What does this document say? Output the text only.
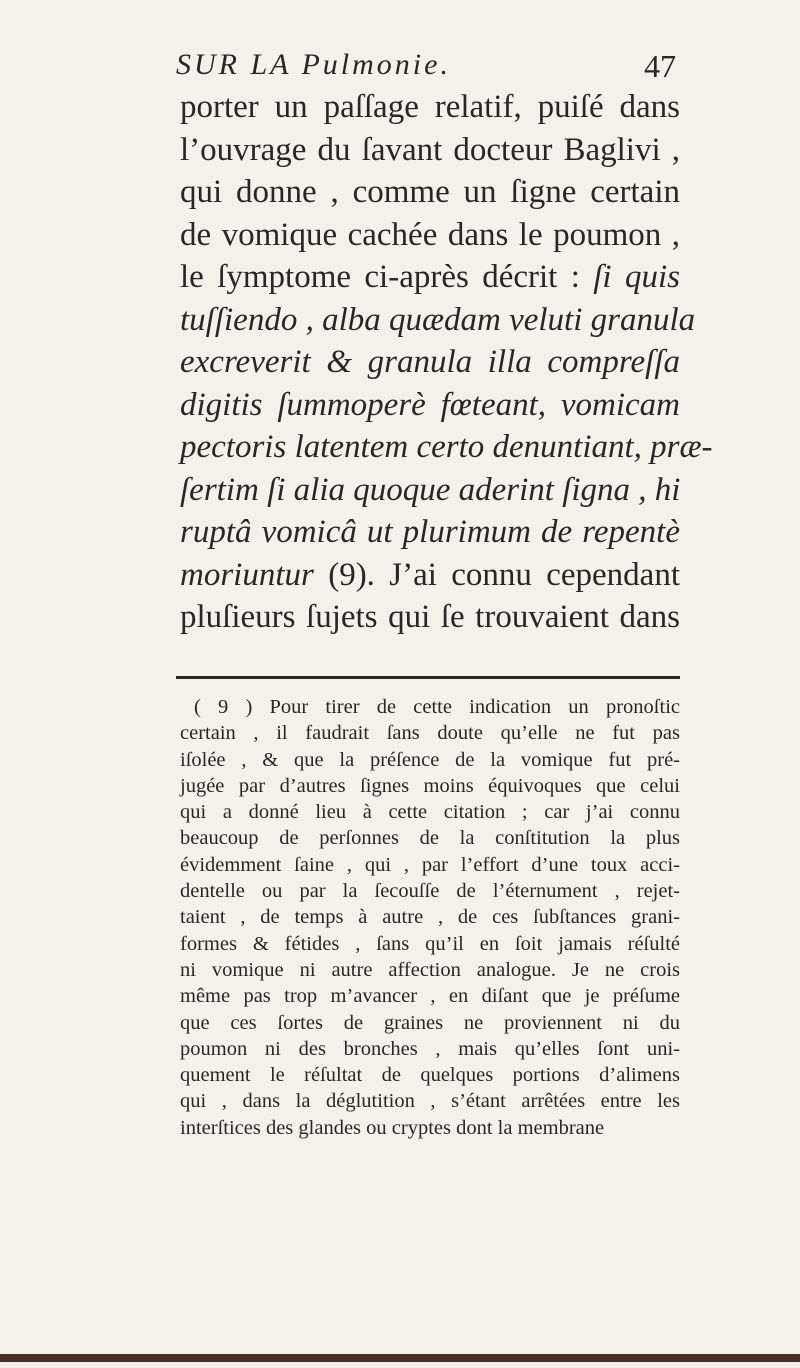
SUR LA Pulmonie.	47
porter un paſſage relatif, puiſé dans
l’ouvrage du ſavant docteur Baglivi ,
qui donne , comme un ſigne certain
de vomique cachée dans le poumon ,
le ſymptome ci-après décrit : ſi quis
tuſſiendo , alba quædam veluti granula
excreverit & granula illa compreſſa
digitis ſummoperè fœteant, vomicam
pectoris latentem certo denuntiant, præ-
ſertim ſi alia quoque aderint ſigna , hi
ruptâ vomicâ ut plurimum de repentè
moriuntur (9). J’ai connu cependant
pluſieurs ſujets qui ſe trouvaient dans
( 9 ) Pour tirer de cette indication un pronoſtic
certain , il faudrait ſans doute qu’elle ne fut pas
iſolée , & que la préſence de la vomique fut pré-
jugée par d’autres ſignes moins équivoques que celui
qui a donné lieu à cette citation ; car j’ai connu
beaucoup de perſonnes de la conſtitution la plus
évidemment ſaine , qui , par l’effort d’une toux acci-
dentelle ou par la ſecouſſe de l’éternument , rejet-
taient , de temps à autre , de ces ſubſtances grani-
formes & fétides , ſans qu’il en ſoit jamais réſulté
ni vomique ni autre affection analogue. Je ne crois
même pas trop m’avancer , en diſant que je préſume
que ces ſortes de graines ne proviennent ni du
poumon ni des bronches , mais qu’elles ſont uni-
quement le réſultat de quelques portions d’alimens
qui , dans la déglutition , s’étant arrêtées entre les
interſtices des glandes ou cryptes dont la membrane
